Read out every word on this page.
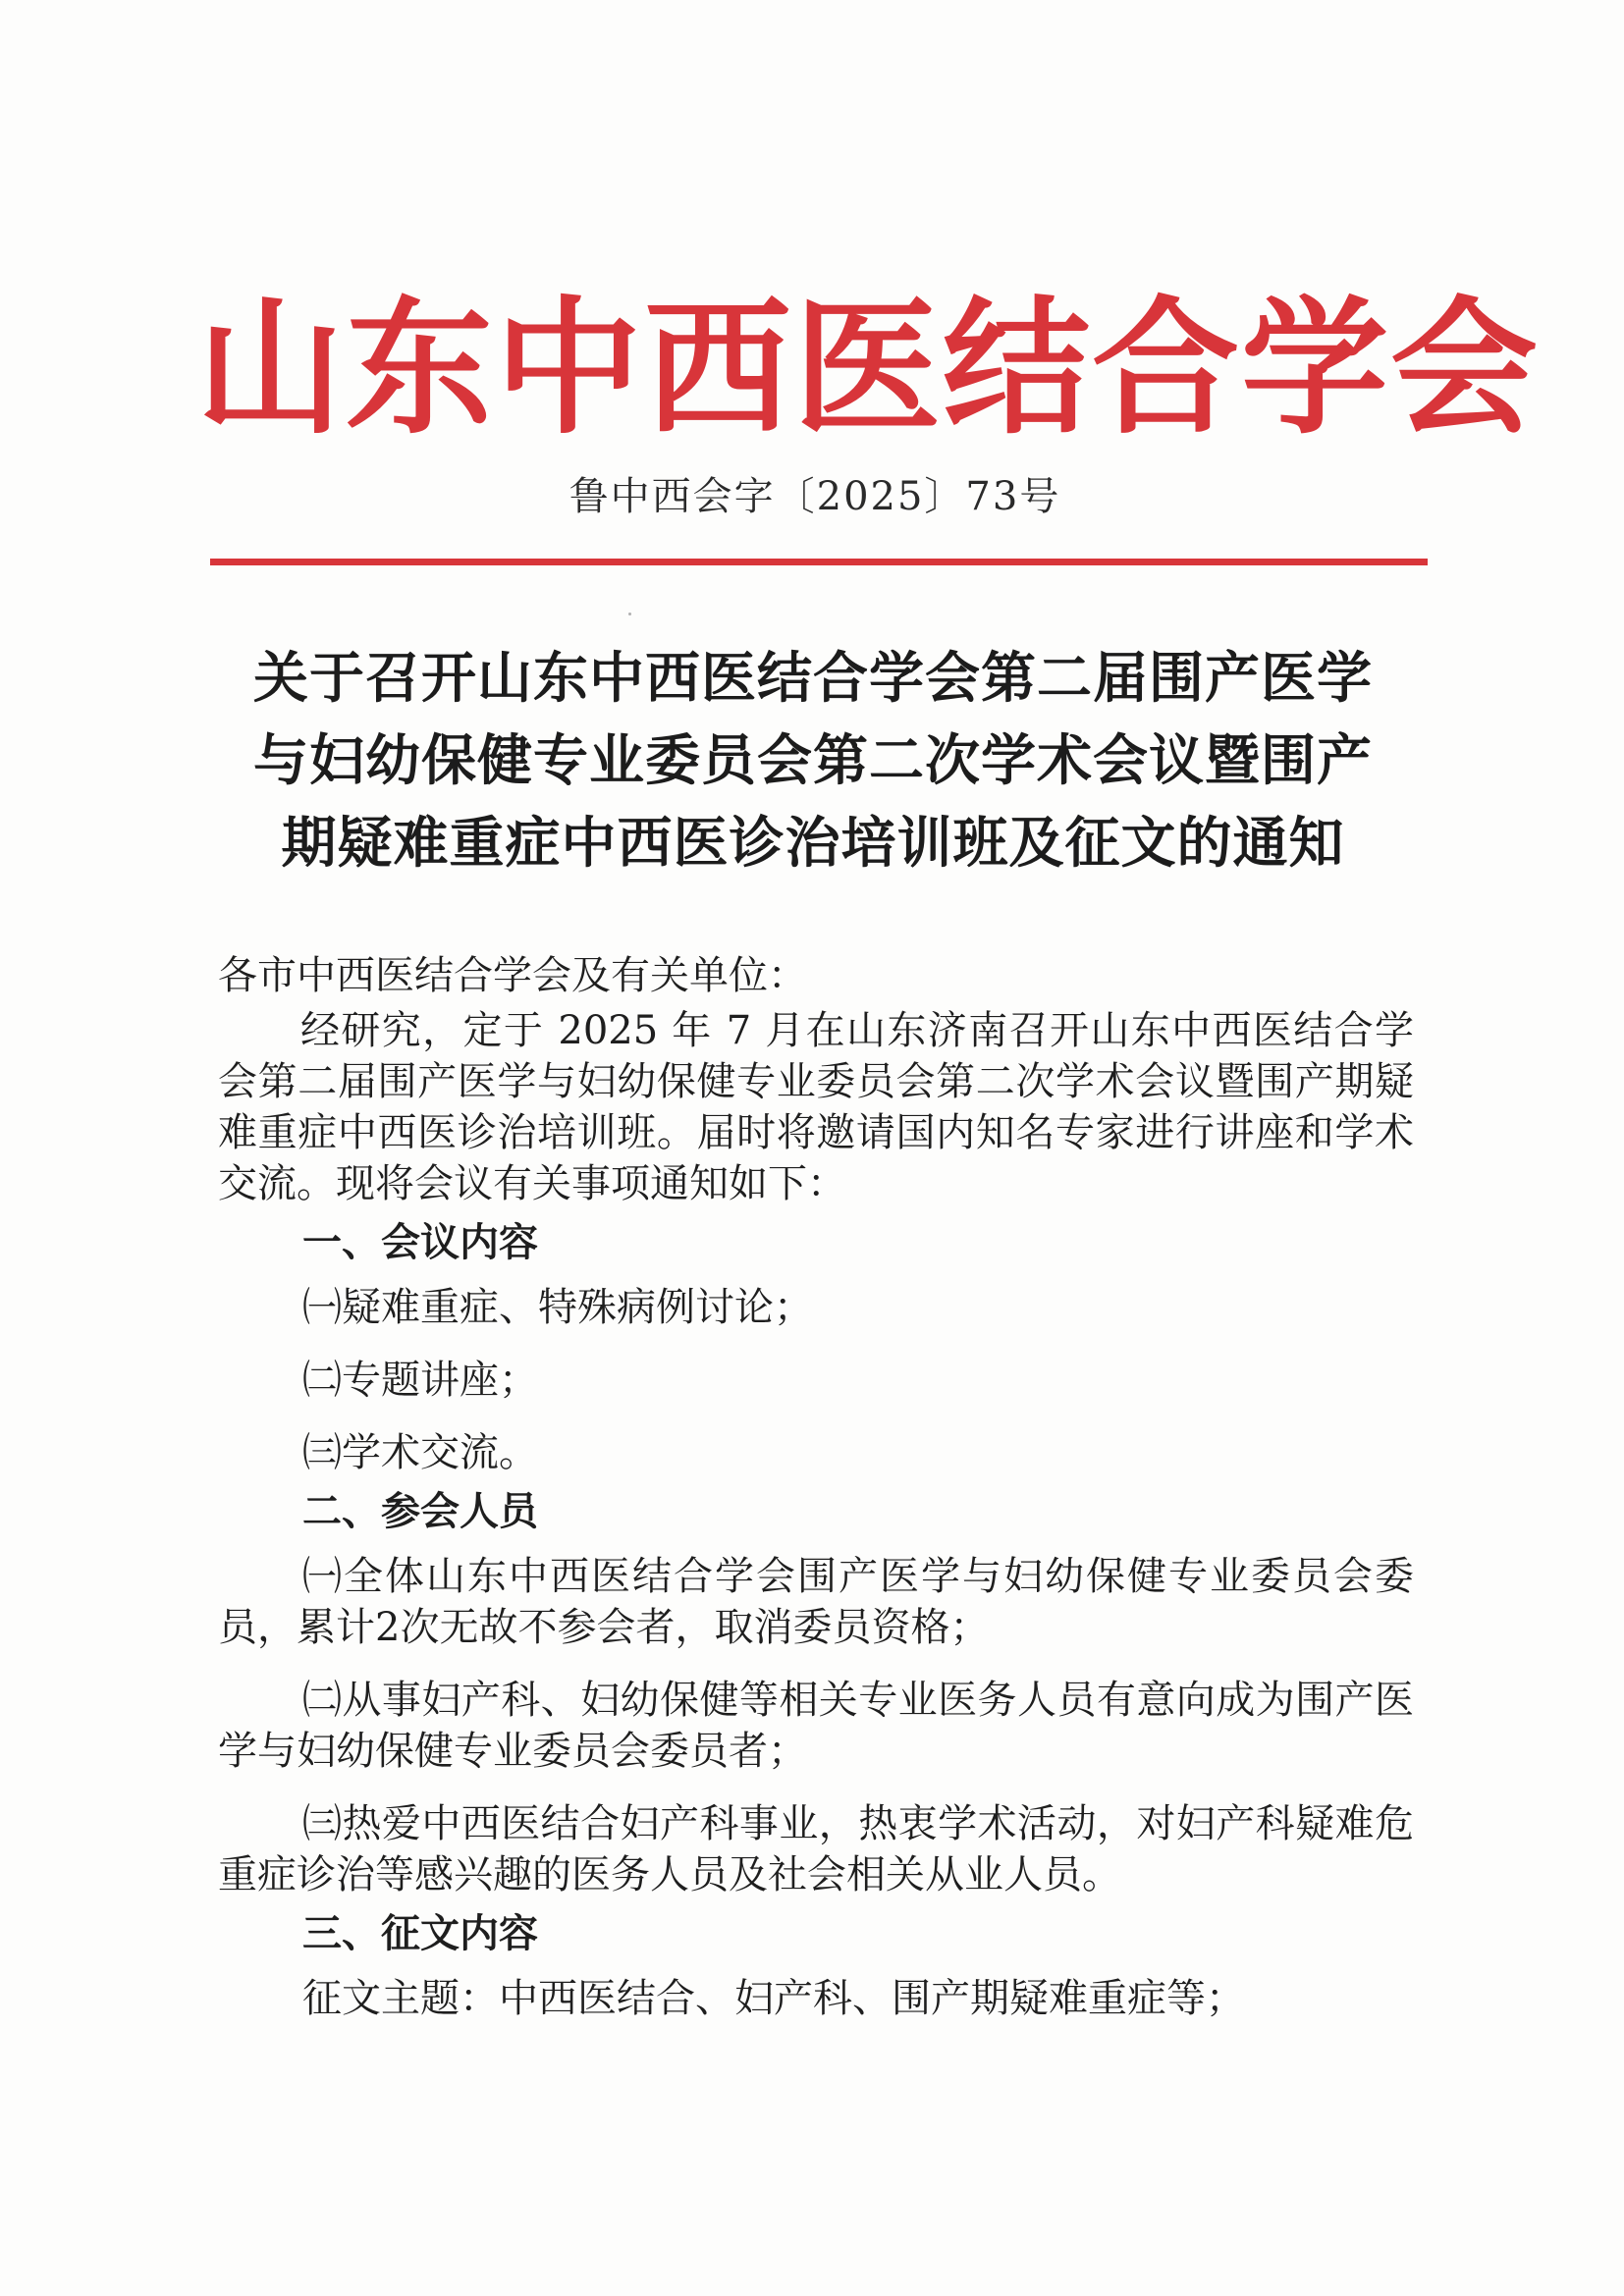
山东中西医结合学会
鲁中西会字〔2025〕73号
关于召开山东中西医结合学会第二届围产医学
与妇幼保健专业委员会第二次学术会议暨围产
期疑难重症中西医诊治培训班及征文的通知

各市中西医结合学会及有关单位：

经研究，定于 2025 年 7 月在山东济南召开山东中西医结合学会第二届围产医学与妇幼保健专业委员会第二次学术会议暨围产期疑难重症中西医诊治培训班。届时将邀请国内知名专家进行讲座和学术交流。现将会议有关事项通知如下：

一、会议内容

㈠疑难重症、特殊病例讨论；

㈡专题讲座；

㈢学术交流。

二、参会人员

㈠全体山东中西医结合学会围产医学与妇幼保健专业委员会委员，累计2次无故不参会者，取消委员资格；

㈡从事妇产科、妇幼保健等相关专业医务人员有意向成为围产医学与妇幼保健专业委员会委员者；

㈢热爱中西医结合妇产科事业，热衷学术活动，对妇产科疑难危重症诊治等感兴趣的医务人员及社会相关从业人员。

三、征文内容

征文主题：中西医结合、妇产科、围产期疑难重症等；
